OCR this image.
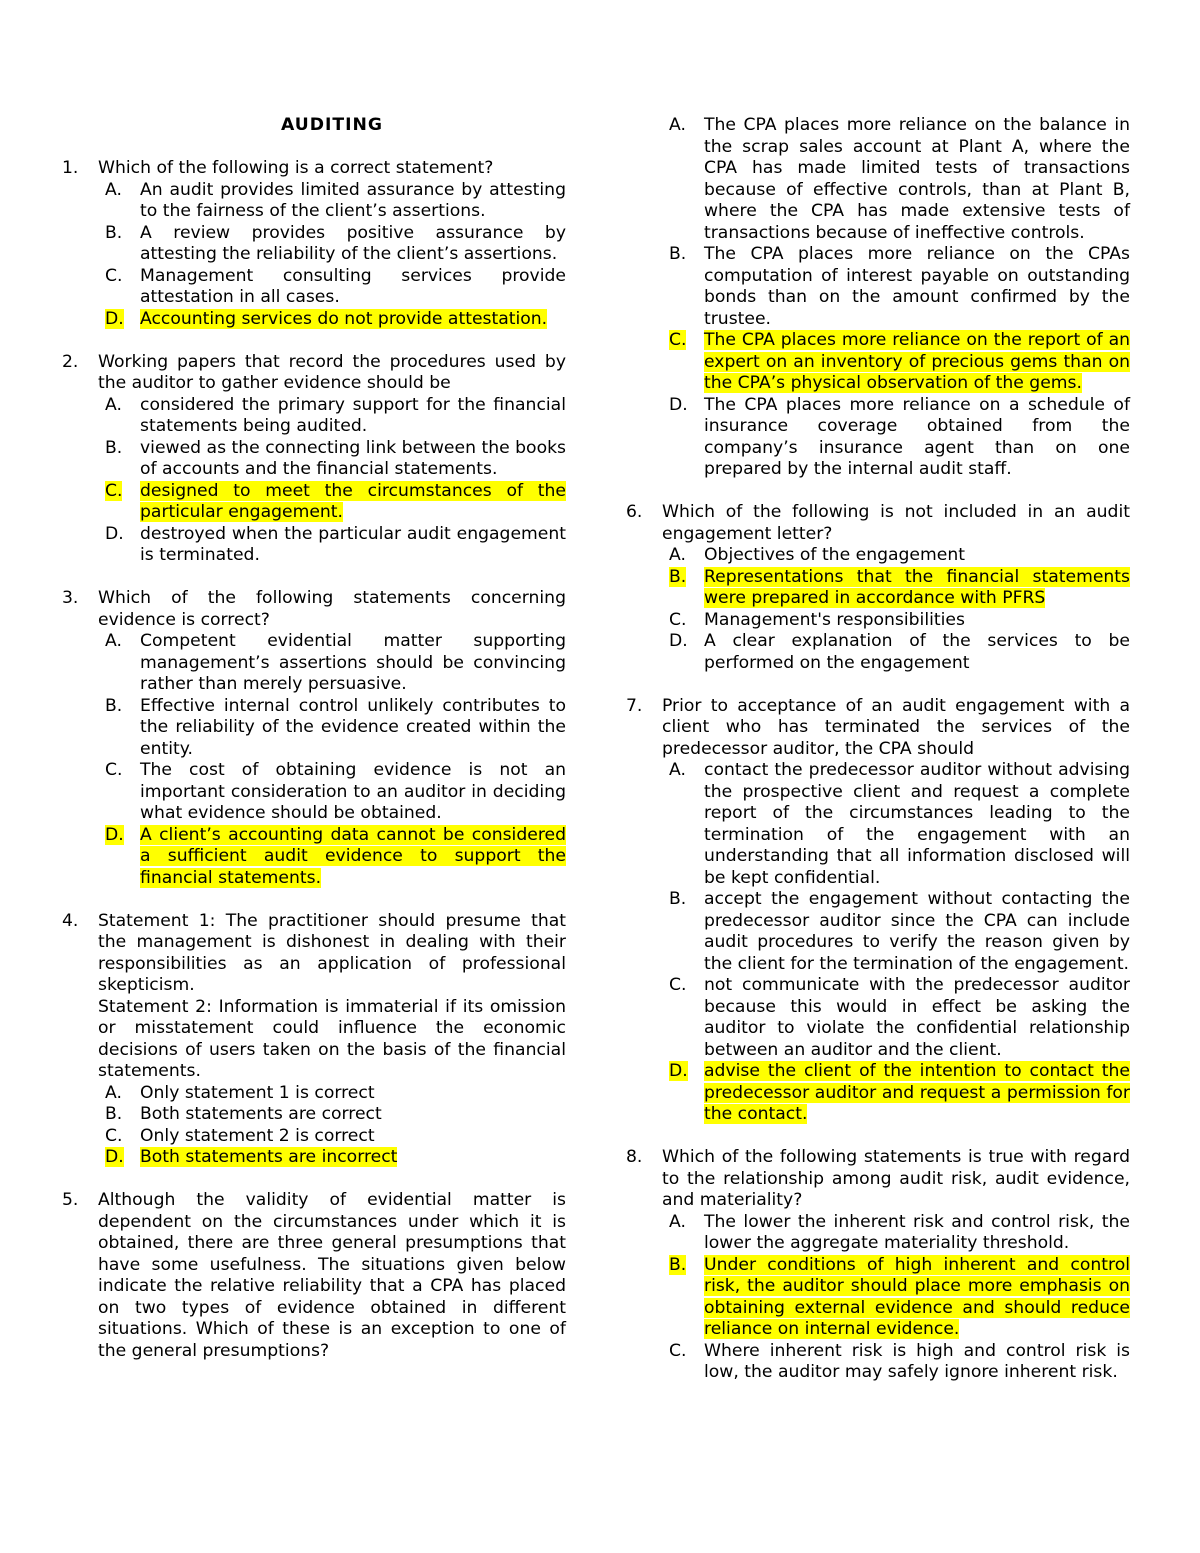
AUDITING
1.	Which of the following is a correct statement?
A.	An audit provides limited assurance by attesting to the fairness of the client’s assertions.
B.	A review provides positive assurance by attesting the reliability of the client’s assertions.
C.	Management consulting services provide attestation in all cases.
D. Accounting services do not provide attestation.
2.	Working papers that record the procedures used by the auditor to gather evidence should be
A.	considered the primary support for the financial statements being audited.
B.	viewed as the connecting link between the books of accounts and the financial statements.
C.	designed to meet the circumstances of the particular engagement.
D. destroyed when the particular audit engagement is terminated.
3.	Which of the following statements concerning evidence is correct?
A.	Competent evidential matter supporting management’s assertions should be convincing rather than merely persuasive.
B.	Effective internal control unlikely contributes to the reliability of the evidence created within the entity.
C.	The cost of obtaining evidence is not an important consideration to an auditor in deciding what evidence should be obtained.
D. A client’s accounting data cannot be considered a sufficient audit evidence to support the financial statements.
4.	Statement 1: The practitioner should presume that the management is dishonest in dealing with their responsibilities as an application of professional skepticism.
Statement 2: Information is immaterial if its omission or misstatement could influence the economic decisions of users taken on the basis of the financial statements.
A.	Only statement 1 is correct
B.	Both statements are correct
C.	Only statement 2 is correct
D. Both statements are incorrect
5.	Although the validity of evidential matter is dependent on the circumstances under which it is obtained, there are three general presumptions that have some usefulness. The situations given below indicate the relative reliability that a CPA has placed on two types of evidence obtained in different situations. Which of these is an exception to one of the general presumptions?
A.	The CPA places more reliance on the balance in the scrap sales account at Plant A, where the CPA has made limited tests of transactions because of effective controls, than at Plant B, where the CPA has made extensive tests of transactions because of ineffective controls.
B.	The CPA places more reliance on the CPAs computation of interest payable on outstanding bonds than on the amount confirmed by the trustee.
C.	The CPA places more reliance on the report of an expert on an inventory of precious gems than on the CPA’s physical observation of the gems.
D. The CPA places more reliance on a schedule of insurance coverage obtained from the company’s insurance agent than on one prepared by the internal audit staff.
6.	Which of the following is not included in an audit engagement letter?
A.	Objectives of the engagement
B.	Representations that the financial statements were prepared in accordance with PFRS
C.	Management's responsibilities
D. A clear explanation of the services to be performed on the engagement
7.	Prior to acceptance of an audit engagement with a client who has terminated the services of the predecessor auditor, the CPA should
A.	contact the predecessor auditor without advising the prospective client and request a complete report of the circumstances leading to the termination of the engagement with an understanding that all information disclosed will be kept confidential.
B.	accept the engagement without contacting the predecessor auditor since the CPA can include audit procedures to verify the reason given by the client for the termination of the engagement.
C.	not communicate with the predecessor auditor because this would in effect be asking the auditor to violate the confidential relationship between an auditor and the client.
D. advise the client of the intention to contact the predecessor auditor and request a permission for the contact.
8.	Which of the following statements is true with regard to the relationship among audit risk, audit evidence, and materiality?
A.	The lower the inherent risk and control risk, the lower the aggregate materiality threshold.
B.	Under conditions of high inherent and control risk, the auditor should place more emphasis on obtaining external evidence and should reduce reliance on internal evidence.
C.	Where inherent risk is high and control risk is low, the auditor may safely ignore inherent risk.
